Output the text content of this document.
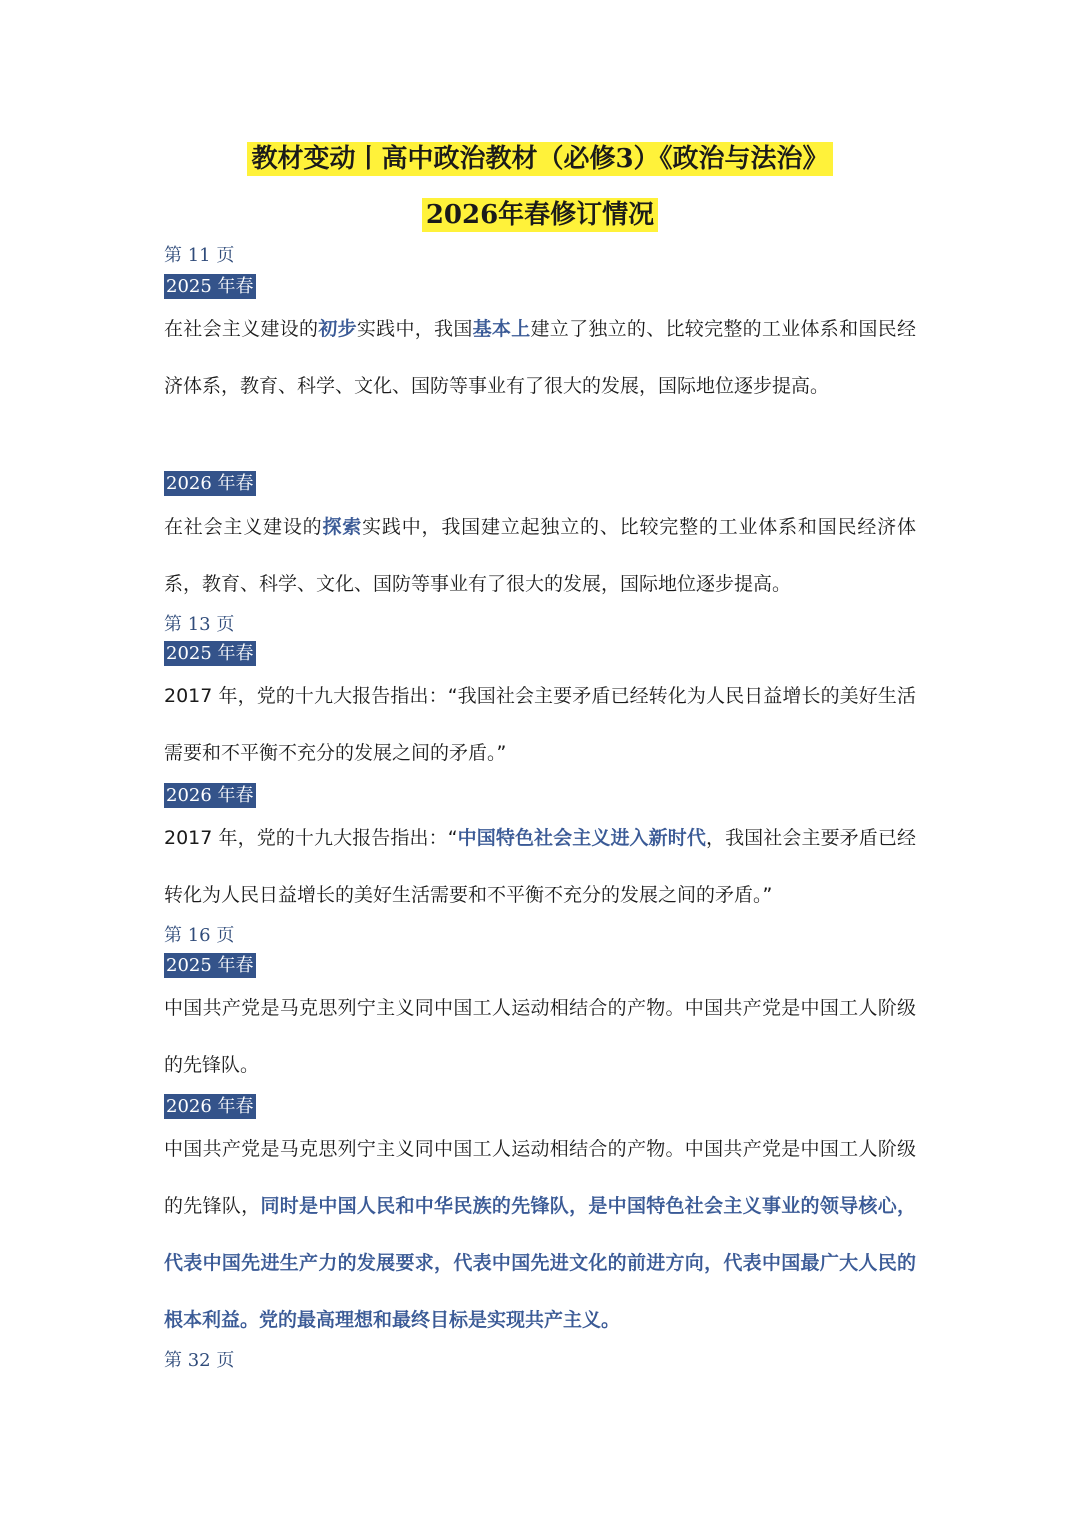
教材变动丨高中政治教材（必修3）《政治与法治》
2026年春修订情况
第 11 页
2025 年春
在社会主义建设的初步实践中，我国基本上建立了独立的、比较完整的工业体系和国民经济体系，教育、科学、文化、国防等事业有了很大的发展，国际地位逐步提高。
2026 年春
在社会主义建设的探索实践中，我国建立起独立的、比较完整的工业体系和国民经济体系，教育、科学、文化、国防等事业有了很大的发展，国际地位逐步提高。
第 13 页
2025 年春
2017 年，党的十九大报告指出：“我国社会主要矛盾已经转化为人民日益增长的美好生活需要和不平衡不充分的发展之间的矛盾。”
2026 年春
2017 年，党的十九大报告指出：“中国特色社会主义进入新时代，我国社会主要矛盾已经转化为人民日益增长的美好生活需要和不平衡不充分的发展之间的矛盾。”
第 16 页
2025 年春
中国共产党是马克思列宁主义同中国工人运动相结合的产物。中国共产党是中国工人阶级的先锋队。
2026 年春
中国共产党是马克思列宁主义同中国工人运动相结合的产物。中国共产党是中国工人阶级的先锋队，同时是中国人民和中华民族的先锋队，是中国特色社会主义事业的领导核心，代表中国先进生产力的发展要求，代表中国先进文化的前进方向，代表中国最广大人民的根本利益。党的最高理想和最终目标是实现共产主义。
第 32 页
